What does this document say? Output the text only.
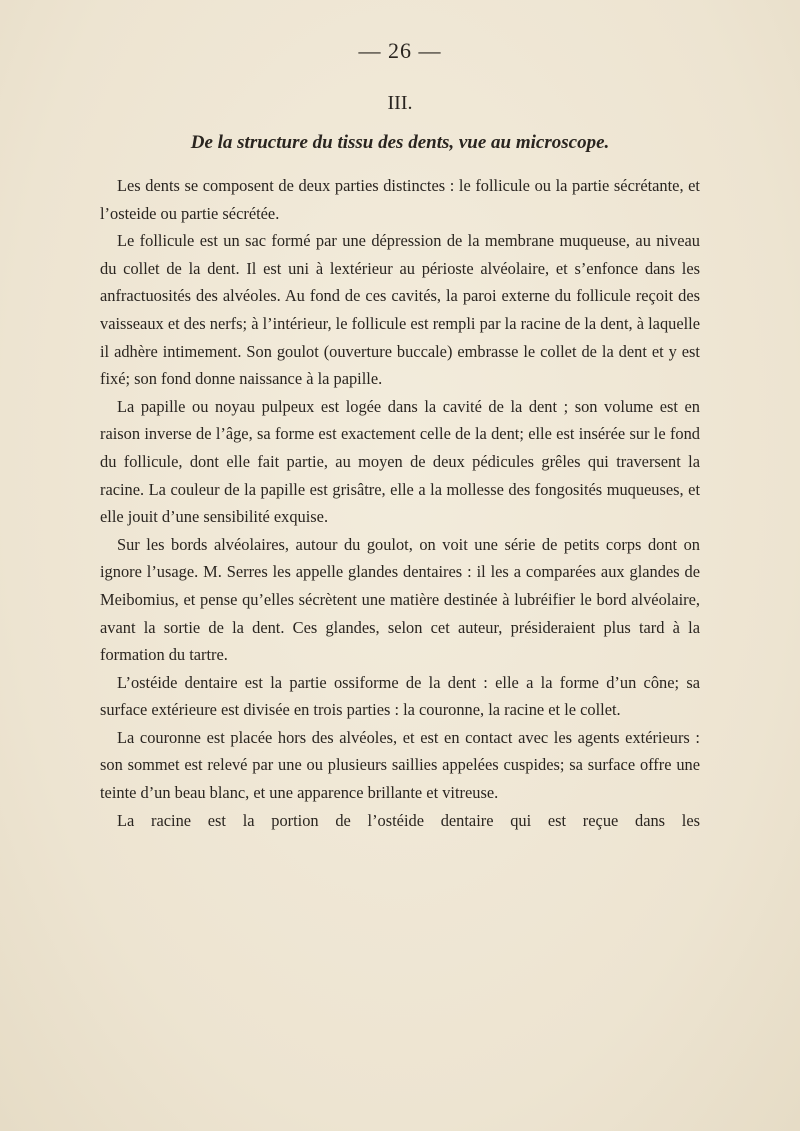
— 26 —
III.
De la structure du tissu des dents, vue au microscope.

Les dents se composent de deux parties distinctes : le follicule ou la partie sécrétante, et l’osteide ou partie sécrétée.

Le follicule est un sac formé par une dépression de la membrane muqueuse, au niveau du collet de la dent. Il est uni à lextérieur au périoste alvéolaire, et s’enfonce dans les anfractuosités des alvéoles. Au fond de ces cavités, la paroi externe du follicule reçoit des vaisseaux et des nerfs; à l’intérieur, le follicule est rempli par la racine de la dent, à laquelle il adhère intimement. Son goulot (ouverture buccale) embrasse le collet de la dent et y est fixé; son fond donne naissance à la papille.

La papille ou noyau pulpeux est logée dans la cavité de la dent ; son volume est en raison inverse de l’âge, sa forme est exactement celle de la dent; elle est insérée sur le fond du follicule, dont elle fait partie, au moyen de deux pédicules grêles qui traversent la racine. La couleur de la papille est grisâtre, elle a la mollesse des fongosités muqueuses, et elle jouit d’une sensibilité exquise.

Sur les bords alvéolaires, autour du goulot, on voit une série de petits corps dont on ignore l’usage. M. Serres les appelle glandes dentaires : il les a comparées aux glandes de Meibomius, et pense qu’elles sécrètent une matière destinée à lubréifier le bord alvéolaire, avant la sortie de la dent. Ces glandes, selon cet auteur, présideraient plus tard à la formation du tartre.

L’ostéide dentaire est la partie ossiforme de la dent : elle a la forme d’un cône; sa surface extérieure est divisée en trois parties : la couronne, la racine et le collet.

La couronne est placée hors des alvéoles, et est en contact avec les agents extérieurs : son sommet est relevé par une ou plusieurs saillies appelées cuspides; sa surface offre une teinte d’un beau blanc, et une apparence brillante et vitreuse.

La racine est la portion de l’ostéide dentaire qui est reçue dans les
